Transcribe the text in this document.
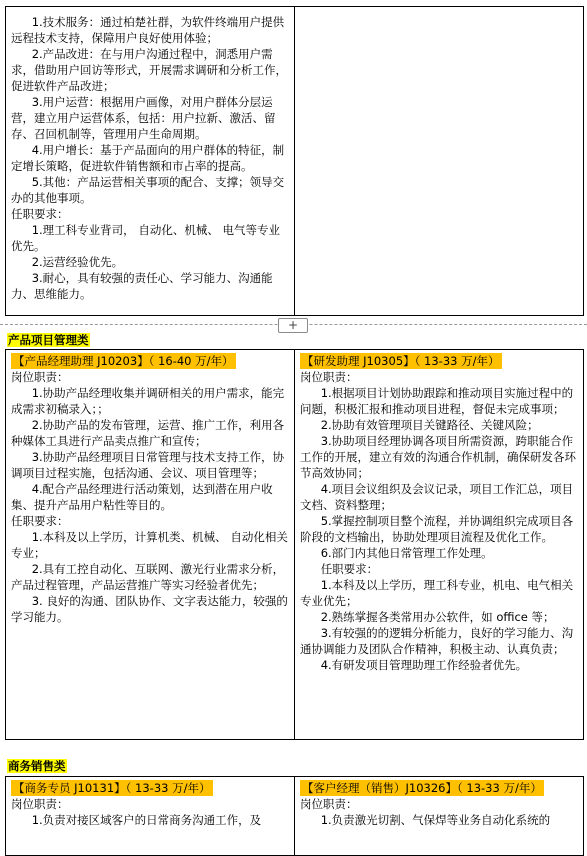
1.技术服务：通过柏楚社群，为软件终端用户提供远程技术支持，保障用户良好使用体验；

2.产品改进：在与用户沟通过程中，洞悉用户需求，借助用户回访等形式，开展需求调研和分析工作，促进软件产品改进；

3.用户运营：根据用户画像，对用户群体分层运营，建立用户运营体系，包括：用户拉新、激活、留存、召回机制等，管理用户生命周期。

4.用户增长：基于产品面向的用户群体的特征，制定增长策略，促进软件销售额和市占率的提高。

5.其他：产品运营相关事项的配合、支撑；领导交办的其他事项。

任职要求：

1.理工科专业背司， 自动化、机械、 电气等专业优先。

2.运营经验优先。

3.耐心，具有较强的责任心、学习能力、沟通能力、思维能力。

+
产品项目管理类

【产品经理助理 J10203】（ 16-40 万/年）

岗位职责：

1.协助产品经理收集并调研相关的用户需求，能完成需求初稿录入；；

2.协助产品的发布管理，运营、推广工作，利用各种媒体工具进行产品卖点推广和宣传；

3.协助产品经理项目日常管理与技术支持工作，协调项目过程实施，包括沟通、会议、项目管理等；

4.配合产品经理进行活动策划，达到潜在用户收集、提升产品用户粘性等目的。

任职要求：

1.本科及以上学历，计算机类、机械、 自动化相关专业；

2.具有工控自动化、互联网、激光行业需求分析，产品过程管理，产品运营推广等实习经验者优先；

3. 良好的沟通、团队协作、文字表达能力，较强的学习能力。

【研发助理 J10305】（ 13-33 万/年）

岗位职责：

1.根据项目计划协助跟踪和推动项目实施过程中的问题，积极汇报和推动项目进程，督促未完成事项；

2.协助有效管理项目关键路径、关键风险；

3.协助项目经理协调各项目所需资源，跨职能合作工作的开展，建立有效的沟通合作机制，确保研发各环节高效协同；

4.项目会议组织及会议记录，项目工作汇总，项目文档、资料整理；

5.掌握控制项目整个流程，并协调组织完成项目各阶段的文档输出，协助处理项目流程及优化工作。

6.部门内其他日常管理工作处理。

任职要求：

1.本科及以上学历，理工科专业，机电、电气相关专业优先；

2.熟练掌握各类常用办公软件，如 office 等；

3.有较强的的逻辑分析能力，良好的学习能力、沟通协调能力及团队合作精神，积极主动、认真负责；

4.有研发项目管理助理工作经验者优先。

商务销售类

【商务专员 J10131】（ 13-33 万/年）

岗位职责：

1.负责对接区域客户的日常商务沟通工作，及

【客户经理（销售）J10326】（ 13-33 万/年）

岗位职责：

1.负责激光切割、气保焊等业务自动化系统的
